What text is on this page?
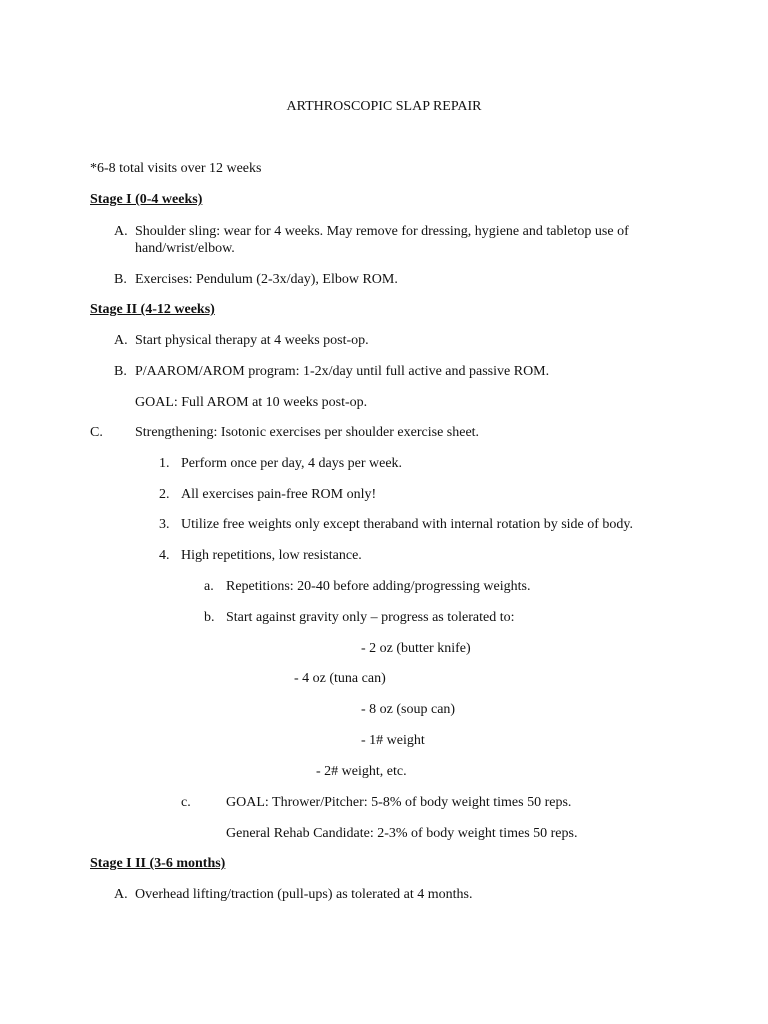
ARTHROSCOPIC SLAP REPAIR
*6-8 total visits over 12 weeks
Stage I (0-4 weeks)
A. Shoulder sling: wear for 4 weeks. May remove for dressing, hygiene and tabletop use of hand/wrist/elbow.
B. Exercises: Pendulum (2-3x/day), Elbow ROM.
Stage II (4-12 weeks)
A. Start physical therapy at 4 weeks post-op.
B. P/AAROM/AROM program: 1-2x/day until full active and passive ROM.
GOAL: Full AROM at 10 weeks post-op.
C. Strengthening: Isotonic exercises per shoulder exercise sheet.
1. Perform once per day, 4 days per week.
2. All exercises pain-free ROM only!
3. Utilize free weights only except theraband with internal rotation by side of body.
4. High repetitions, low resistance.
a. Repetitions: 20-40 before adding/progressing weights.
b. Start against gravity only – progress as tolerated to:
- 2 oz (butter knife)
- 4 oz (tuna can)
- 8 oz (soup can)
- 1# weight
- 2# weight, etc.
c.	GOAL: Thrower/Pitcher: 5-8% of body weight times 50 reps.
General Rehab Candidate: 2-3% of body weight times 50 reps.
Stage I II (3-6 months)
A. Overhead lifting/traction (pull-ups) as tolerated at 4 months.
